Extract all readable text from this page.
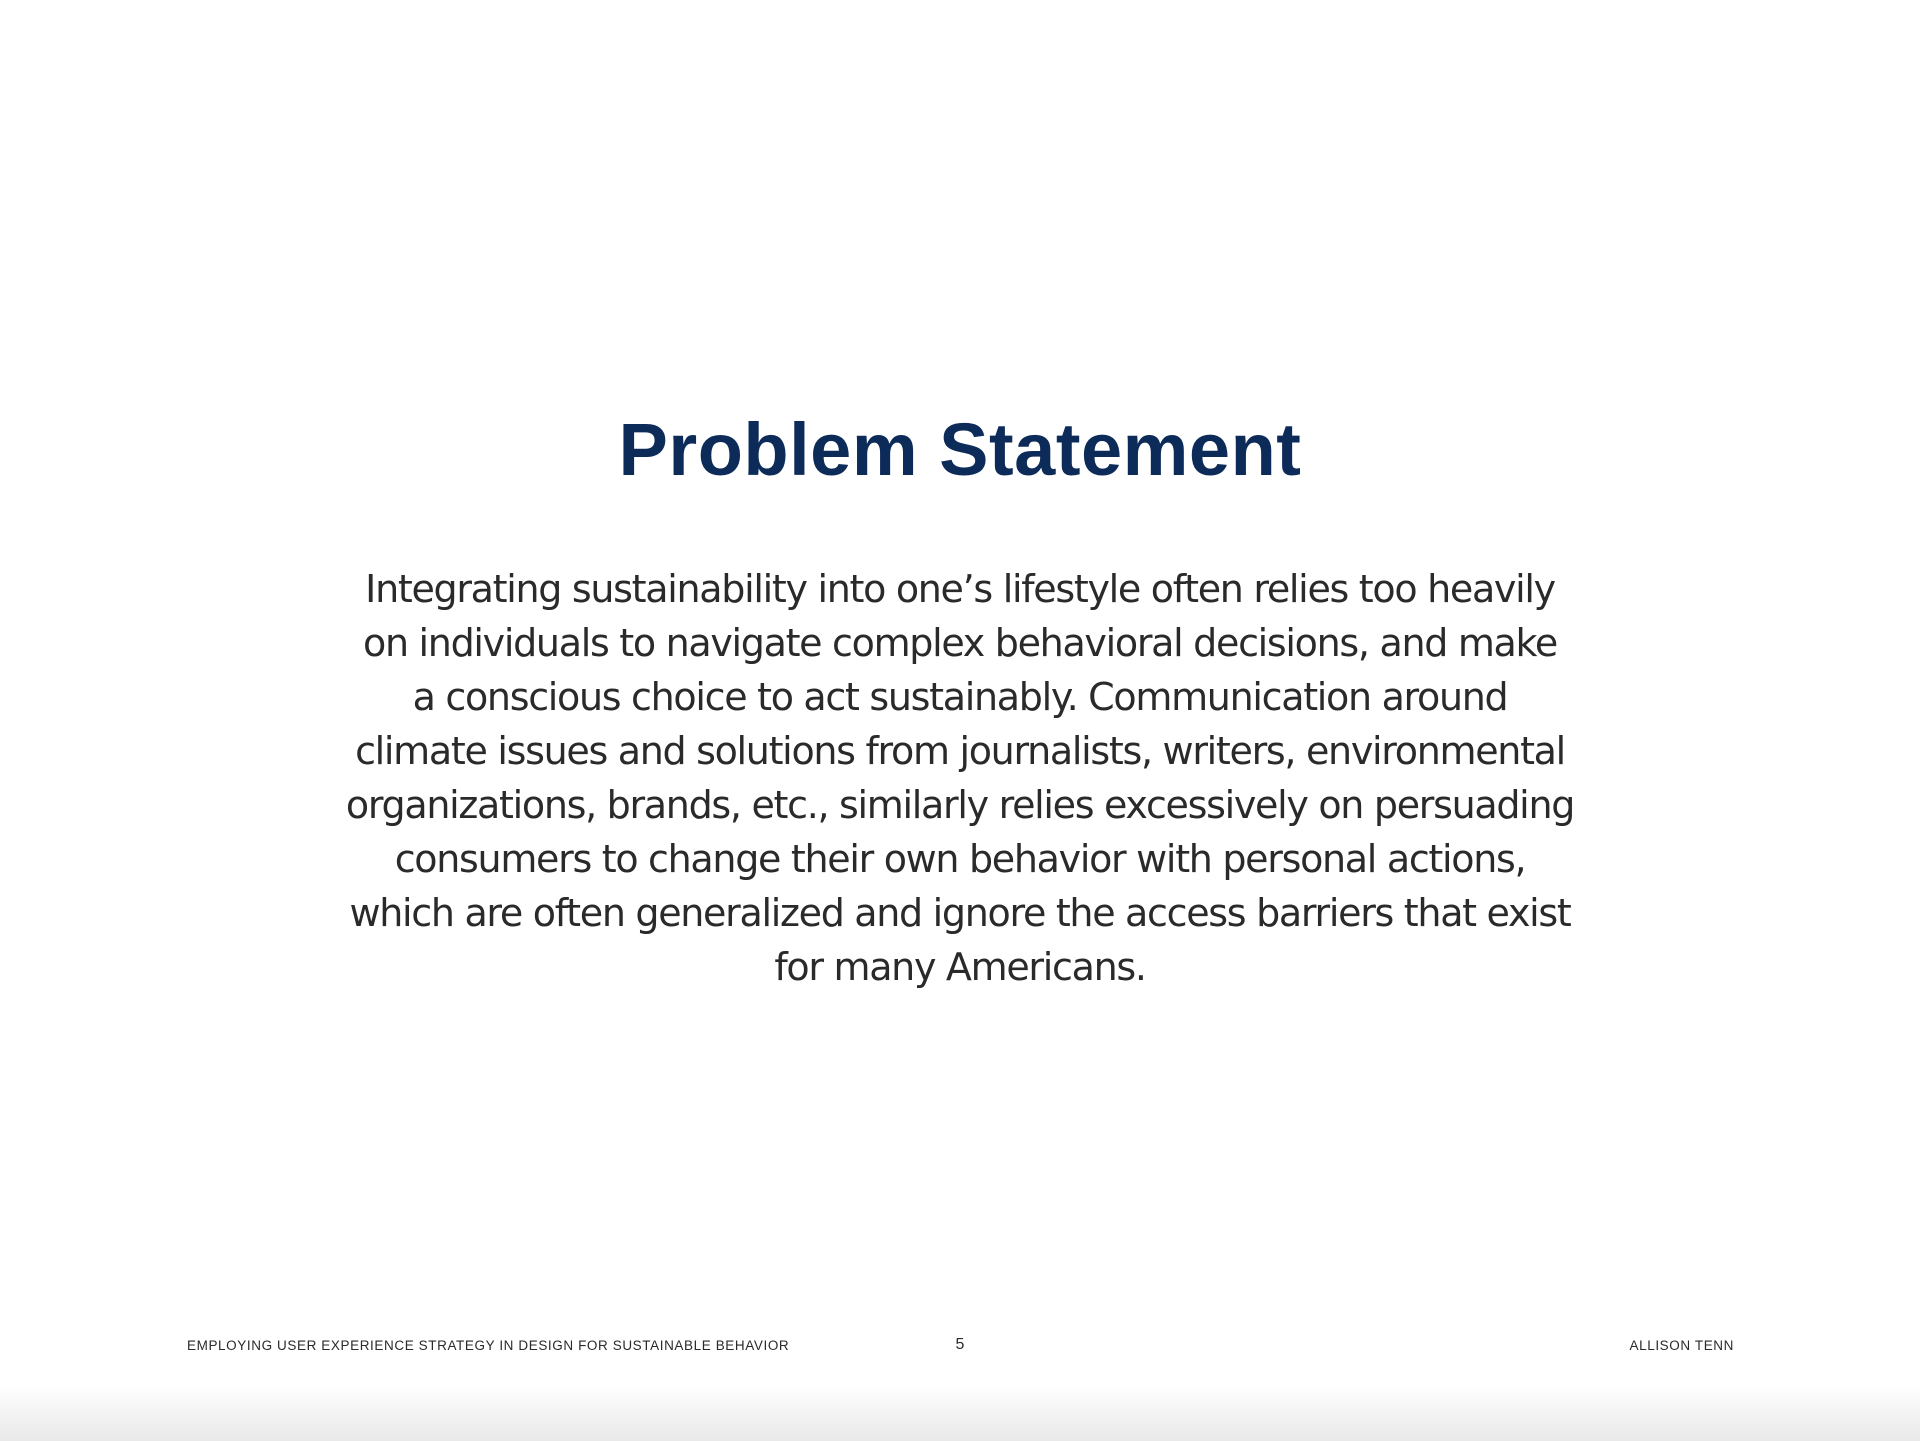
Problem Statement

Integrating sustainability into one’s lifestyle often relies too heavily
on individuals to navigate complex behavioral decisions, and make
a conscious choice to act sustainably. Communication around
climate issues and solutions from journalists, writers, environmental
organizations, brands, etc., similarly relies excessively on persuading
consumers to change their own behavior with personal actions,
which are often generalized and ignore the access barriers that exist
for many Americans.

EMPLOYING USER EXPERIENCE STRATEGY IN DESIGN FOR SUSTAINABLE BEHAVIOR	5	ALLISON TENN
